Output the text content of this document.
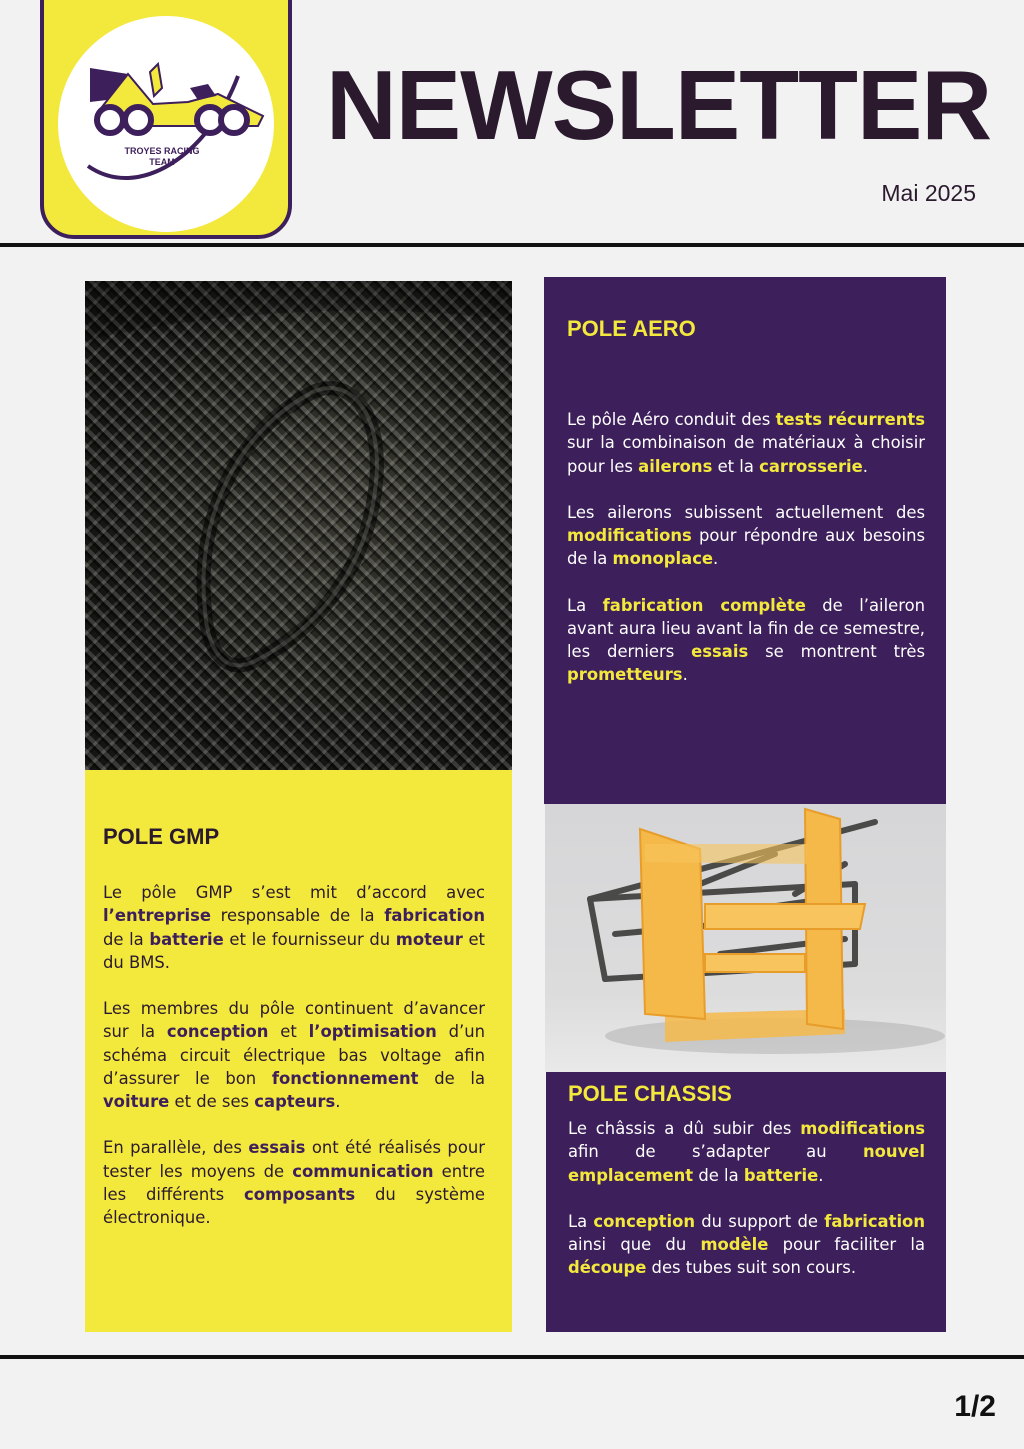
TROYES RACING
TEAM
NEWSLETTER
Mai 2025
POLE AERO

Le pôle Aéro conduit des tests récurrents sur la combinaison de matériaux à choisir pour les ailerons et la carrosserie.

Les ailerons subissent actuellement des modifications pour répondre aux besoins de la monoplace.

La fabrication complète de l’aileron avant aura lieu avant la fin de ce semestre, les derniers essais se montrent très prometteurs.

POLE GMP

Le pôle GMP s’est mit d’accord avec l’entreprise responsable de la fabrication de la batterie et le fournisseur du moteur et du BMS.

Les membres du pôle continuent d’avancer sur la conception et l’optimisation d’un schéma circuit électrique bas voltage afin d’assurer le bon fonctionnement de la voiture et de ses capteurs.

En parallèle, des essais ont été réalisés pour tester les moyens de communication entre les différents composants du système électronique.

POLE CHASSIS

Le châssis a dû subir des modifications afin de s’adapter au nouvel emplacement de la batterie.

La conception du support de fabrication ainsi que du modèle pour faciliter la découpe des tubes suit son cours.

1/2
